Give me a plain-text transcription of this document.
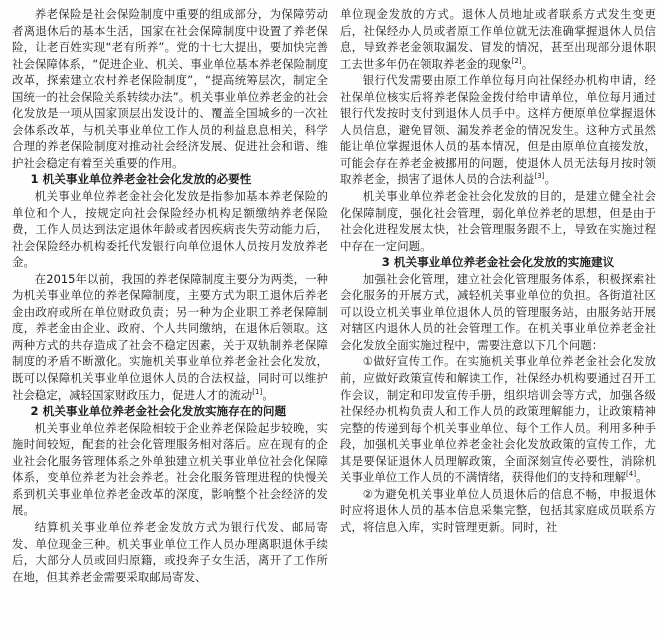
养老保险是社会保险制度中重要的组成部分，为保障劳动者离退休后的基本生活，国家在社会保障制度中设置了养老保险，让老百姓实现“老有所养”。党的十七大提出，要加快完善社会保障体系，“促进企业、机关、事业单位基本养老保险制度改革，探索建立农村养老保险制度”，“提高统筹层次，制定全国统一的社会保险关系转续办法”。机关事业单位养老金的社会化发放是一项从国家顶层出发设计的、覆盖全国城乡的一次社会体系改革，与机关事业单位工作人员的利益息息相关，科学合理的养老保险制度对推动社会经济发展、促进社会和谐、维护社会稳定有着至关重要的作用。

1 机关事业单位养老金社会化发放的必要性

机关事业单位养老金社会化发放是指参加基本养老保险的单位和个人，按规定向社会保险经办机构足额缴纳养老保险费，工作人员达到法定退休年龄或者因疾病丧失劳动能力后，社会保险经办机构委托代发银行向单位退休人员按月发放养老金。

在2015年以前，我国的养老保障制度主要分为两类，一种为机关事业单位的养老保障制度，主要方式为职工退休后养老金由政府或所在单位财政负责；另一种为企业职工养老保障制度，养老金由企业、政府、个人共同缴纳，在退休后领取。这两种方式的共存造成了社会不稳定因素，关于双轨制养老保障制度的矛盾不断激化。实施机关事业单位养老金社会化发放，既可以保障机关事业单位退休人员的合法权益，同时可以维护社会稳定，减轻国家财政压力，促进人才的流动[1]。

2 机关事业单位养老金社会化发放实施存在的问题

机关事业单位养老保险相较于企业养老保险起步较晚，实施时间较短，配套的社会化管理服务相对落后。应在现有的企业社会化服务管理体系之外单独建立机关事业单位社会化保障体系，变单位养老为社会养老。社会化服务管理进程的快慢关系到机关事业单位养老金改革的深度，影响整个社会经济的发展。

结算机关事业单位养老金发放方式为银行代发、邮局寄发、单位现金三种。机关事业单位工作人员办理离职退休手续后，大部分人员或回归原籍，或投奔子女生活，离开了工作所在地，但其养老金需要采取邮局寄发、

单位现金发放的方式。退休人员地址或者联系方式发生变更后，社保经办人员或者原工作单位就无法准确掌握退休人员信息，导致养老金领取漏发、冒发的情况，甚至出现部分退休职工去世多年仍在领取养老金的现象[2]。

银行代发需要由原工作单位每月向社保经办机构申请，经社保单位核实后将养老保险金拨付给申请单位，单位每月通过银行代发按时支付到退休人员手中。这样方便原单位掌握退休人员信息，避免冒领、漏发养老金的情况发生。这种方式虽然能让单位掌握退休人员的基本情况，但是由原单位直接发放，可能会存在养老金被挪用的问题，使退休人员无法每月按时领取养老金，损害了退休人员的合法利益[3]。

机关事业单位养老金社会化发放的目的，是建立健全社会化保障制度，强化社会管理，弱化单位养老的思想，但是由于社会化进程发展太快，社会管理服务跟不上，导致在实施过程中存在一定问题。

3 机关事业单位养老金社会化发放的实施建议

加强社会化管理，建立社会化管理服务体系，积极探索社会化服务的开展方式，减轻机关事业单位的负担。各街道社区可以设立机关事业单位退休人员的管理服务站，由服务站开展对辖区内退休人员的社会管理工作。在机关事业单位养老金社会化发放全面实施过程中，需要注意以下几个问题：

①做好宣传工作。在实施机关事业单位养老金社会化发放前，应做好政策宣传和解读工作，社保经办机构要通过召开工作会议，制定和印发宣传手册，组织培训会等方式，加强各级社保经办机构负责人和工作人员的政策理解能力，让政策精神完整的传递到每个机关事业单位、每个工作人员。利用多种手段，加强机关事业单位养老金社会化发放政策的宣传工作，尤其是要保证退休人员理解政策，全面深刻宣传必要性，消除机关事业单位工作人员的不满情绪，获得他们的支持和理解[4]。

②为避免机关事业单位人员退休后的信息不畅，申报退休时应将退休人员的基本信息采集完整，包括其家庭成员联系方式，将信息入库，实时管理更新。同时，社
